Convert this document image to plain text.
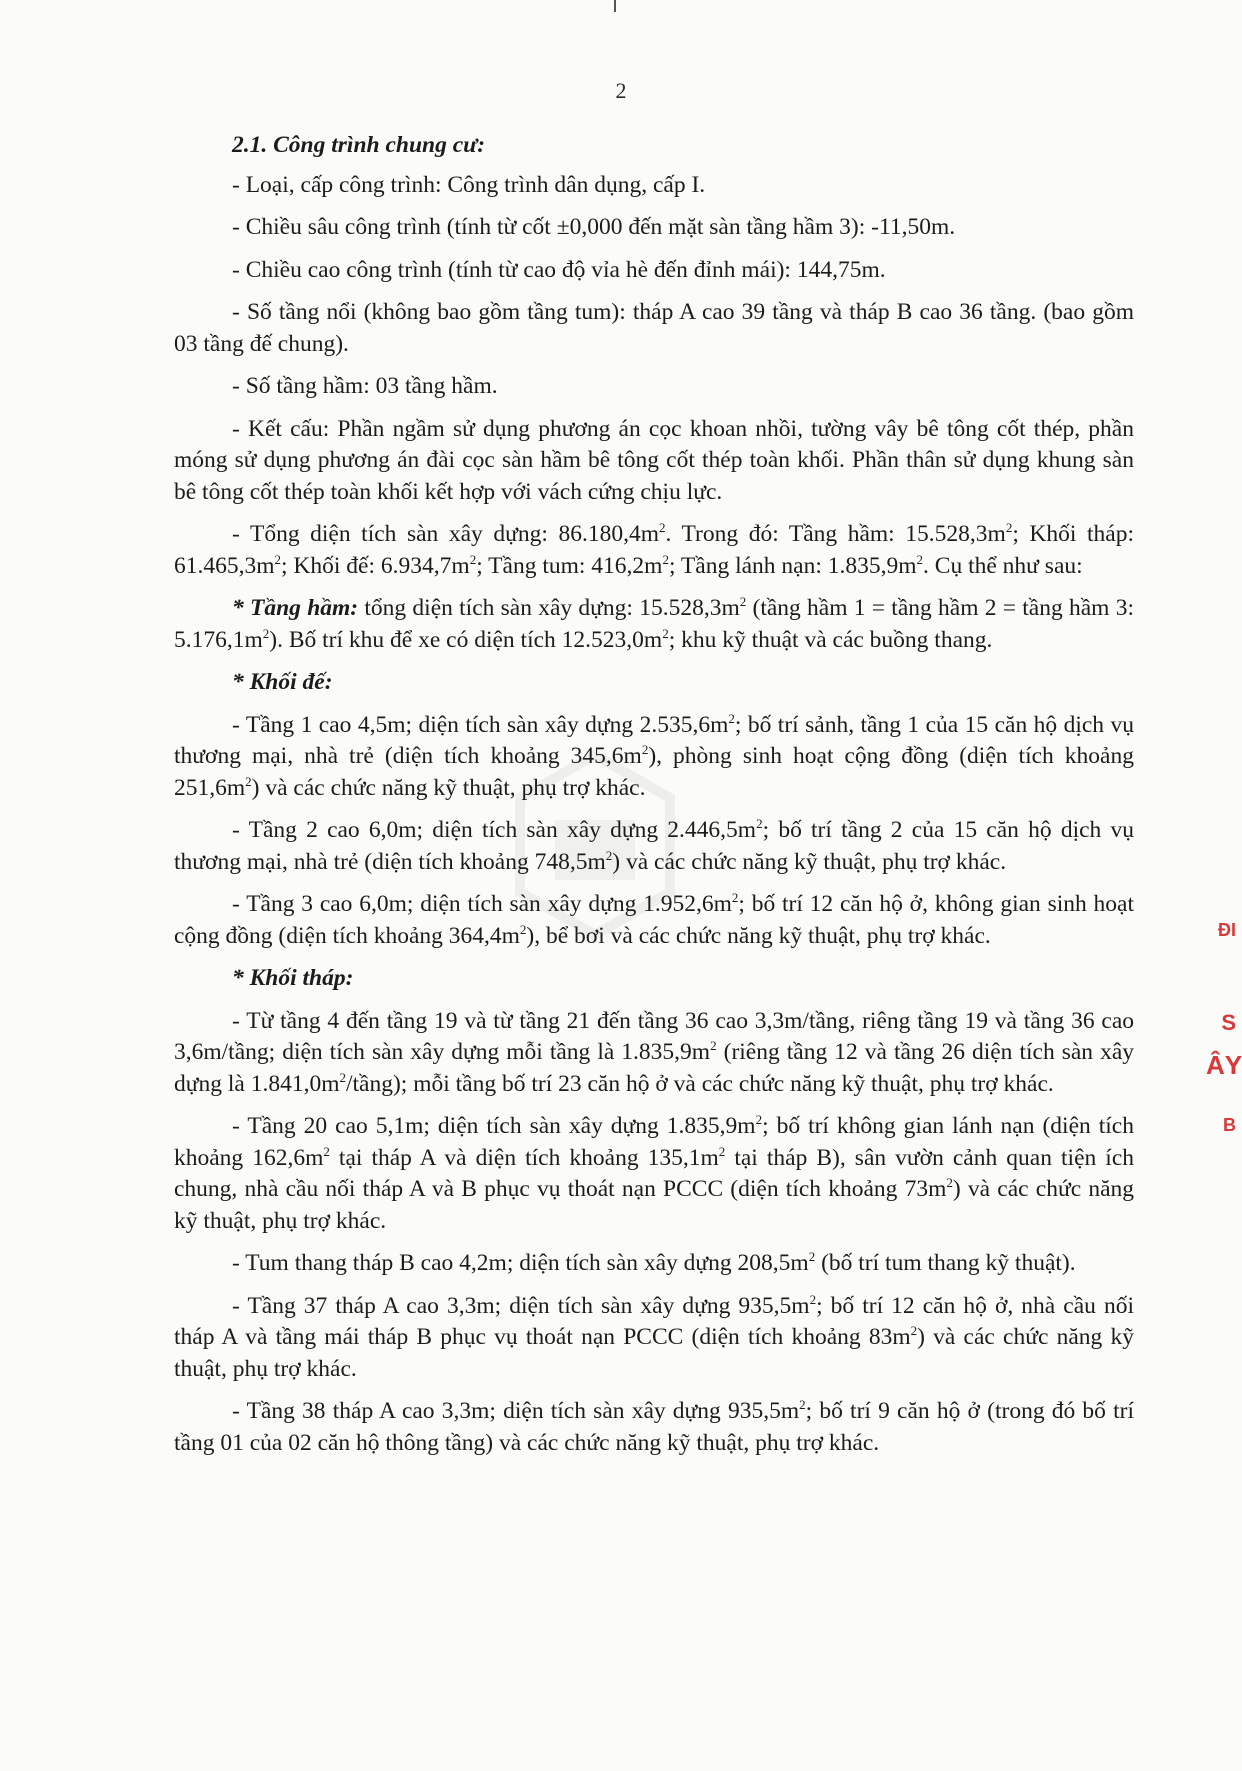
2

2.1. Công trình chung cư:

- Loại, cấp công trình: Công trình dân dụng, cấp I.

- Chiều sâu công trình (tính từ cốt ±0,000 đến mặt sàn tầng hầm 3): -11,50m.

- Chiều cao công trình (tính từ cao độ vỉa hè đến đỉnh mái): 144,75m.

- Số tầng nổi (không bao gồm tầng tum): tháp A cao 39 tầng và tháp B cao 36 tầng. (bao gồm 03 tầng đế chung).

- Số tầng hầm: 03 tầng hầm.

- Kết cấu: Phần ngầm sử dụng phương án cọc khoan nhồi, tường vây bê tông cốt thép, phần móng sử dụng phương án đài cọc sàn hầm bê tông cốt thép toàn khối. Phần thân sử dụng khung sàn bê tông cốt thép toàn khối kết hợp với vách cứng chịu lực.

- Tổng diện tích sàn xây dựng: $86.180,4m^2$. Trong đó: Tầng hầm: $15.528,3m^2$; Khối tháp: $61.465,3m^2$; Khối đế: $6.934,7m^2$; Tầng tum: $416,2m^2$; Tầng lánh nạn: $1.835,9m^2$. Cụ thể như sau:

* Tầng hầm: tổng diện tích sàn xây dựng: $15.528,3m^2$ (tầng hầm 1 = tầng hầm 2 = tầng hầm 3: $5.176,1m^2$). Bố trí khu để xe có diện tích $12.523,0m^2$; khu kỹ thuật và các buồng thang.

* Khối đế:

- Tầng 1 cao 4,5m; diện tích sàn xây dựng $2.535,6m^2$; bố trí sảnh, tầng 1 của 15 căn hộ dịch vụ thương mại, nhà trẻ (diện tích khoảng $345,6m^2$), phòng sinh hoạt cộng đồng (diện tích khoảng $251,6m^2$) và các chức năng kỹ thuật, phụ trợ khác.

- Tầng 2 cao 6,0m; diện tích sàn xây dựng $2.446,5m^2$; bố trí tầng 2 của 15 căn hộ dịch vụ thương mại, nhà trẻ (diện tích khoảng $748,5m^2$) và các chức năng kỹ thuật, phụ trợ khác.

- Tầng 3 cao 6,0m; diện tích sàn xây dựng $1.952,6m^2$; bố trí 12 căn hộ ở, không gian sinh hoạt cộng đồng (diện tích khoảng $364,4m^2$), bể bơi và các chức năng kỹ thuật, phụ trợ khác.

* Khối tháp:

- Từ tầng 4 đến tầng 19 và từ tầng 21 đến tầng 36 cao 3,3m/tầng, riêng tầng 19 và tầng 36 cao 3,6m/tầng; diện tích sàn xây dựng mỗi tầng là $1.835,9m^2$ (riêng tầng 12 và tầng 26 diện tích sàn xây dựng là $1.841,0m^2/tầng$); mỗi tầng bố trí 23 căn hộ ở và các chức năng kỹ thuật, phụ trợ khác.

- Tầng 20 cao 5,1m; diện tích sàn xây dựng $1.835,9m^2$; bố trí không gian lánh nạn (diện tích khoảng $162,6m^2$ tại tháp A và diện tích khoảng $135,1m^2$ tại tháp B), sân vườn cảnh quan tiện ích chung, nhà cầu nối tháp A và B phục vụ thoát nạn PCCC (diện tích khoảng $73m^2$) và các chức năng kỹ thuật, phụ trợ khác.

- Tum thang tháp B cao 4,2m; diện tích sàn xây dựng $208,5m^2$ (bố trí tum thang kỹ thuật).

- Tầng 37 tháp A cao 3,3m; diện tích sàn xây dựng $935,5m^2$; bố trí 12 căn hộ ở, nhà cầu nối tháp A và tầng mái tháp B phục vụ thoát nạn PCCC (diện tích khoảng $83m^2$) và các chức năng kỹ thuật, phụ trợ khác.

- Tầng 38 tháp A cao 3,3m; diện tích sàn xây dựng $935,5m^2$; bố trí 9 căn hộ ở (trong đó bố trí tầng 01 của 02 căn hộ thông tầng) và các chức năng kỹ thuật, phụ trợ khác.

ĐI
S
ÂY
B
